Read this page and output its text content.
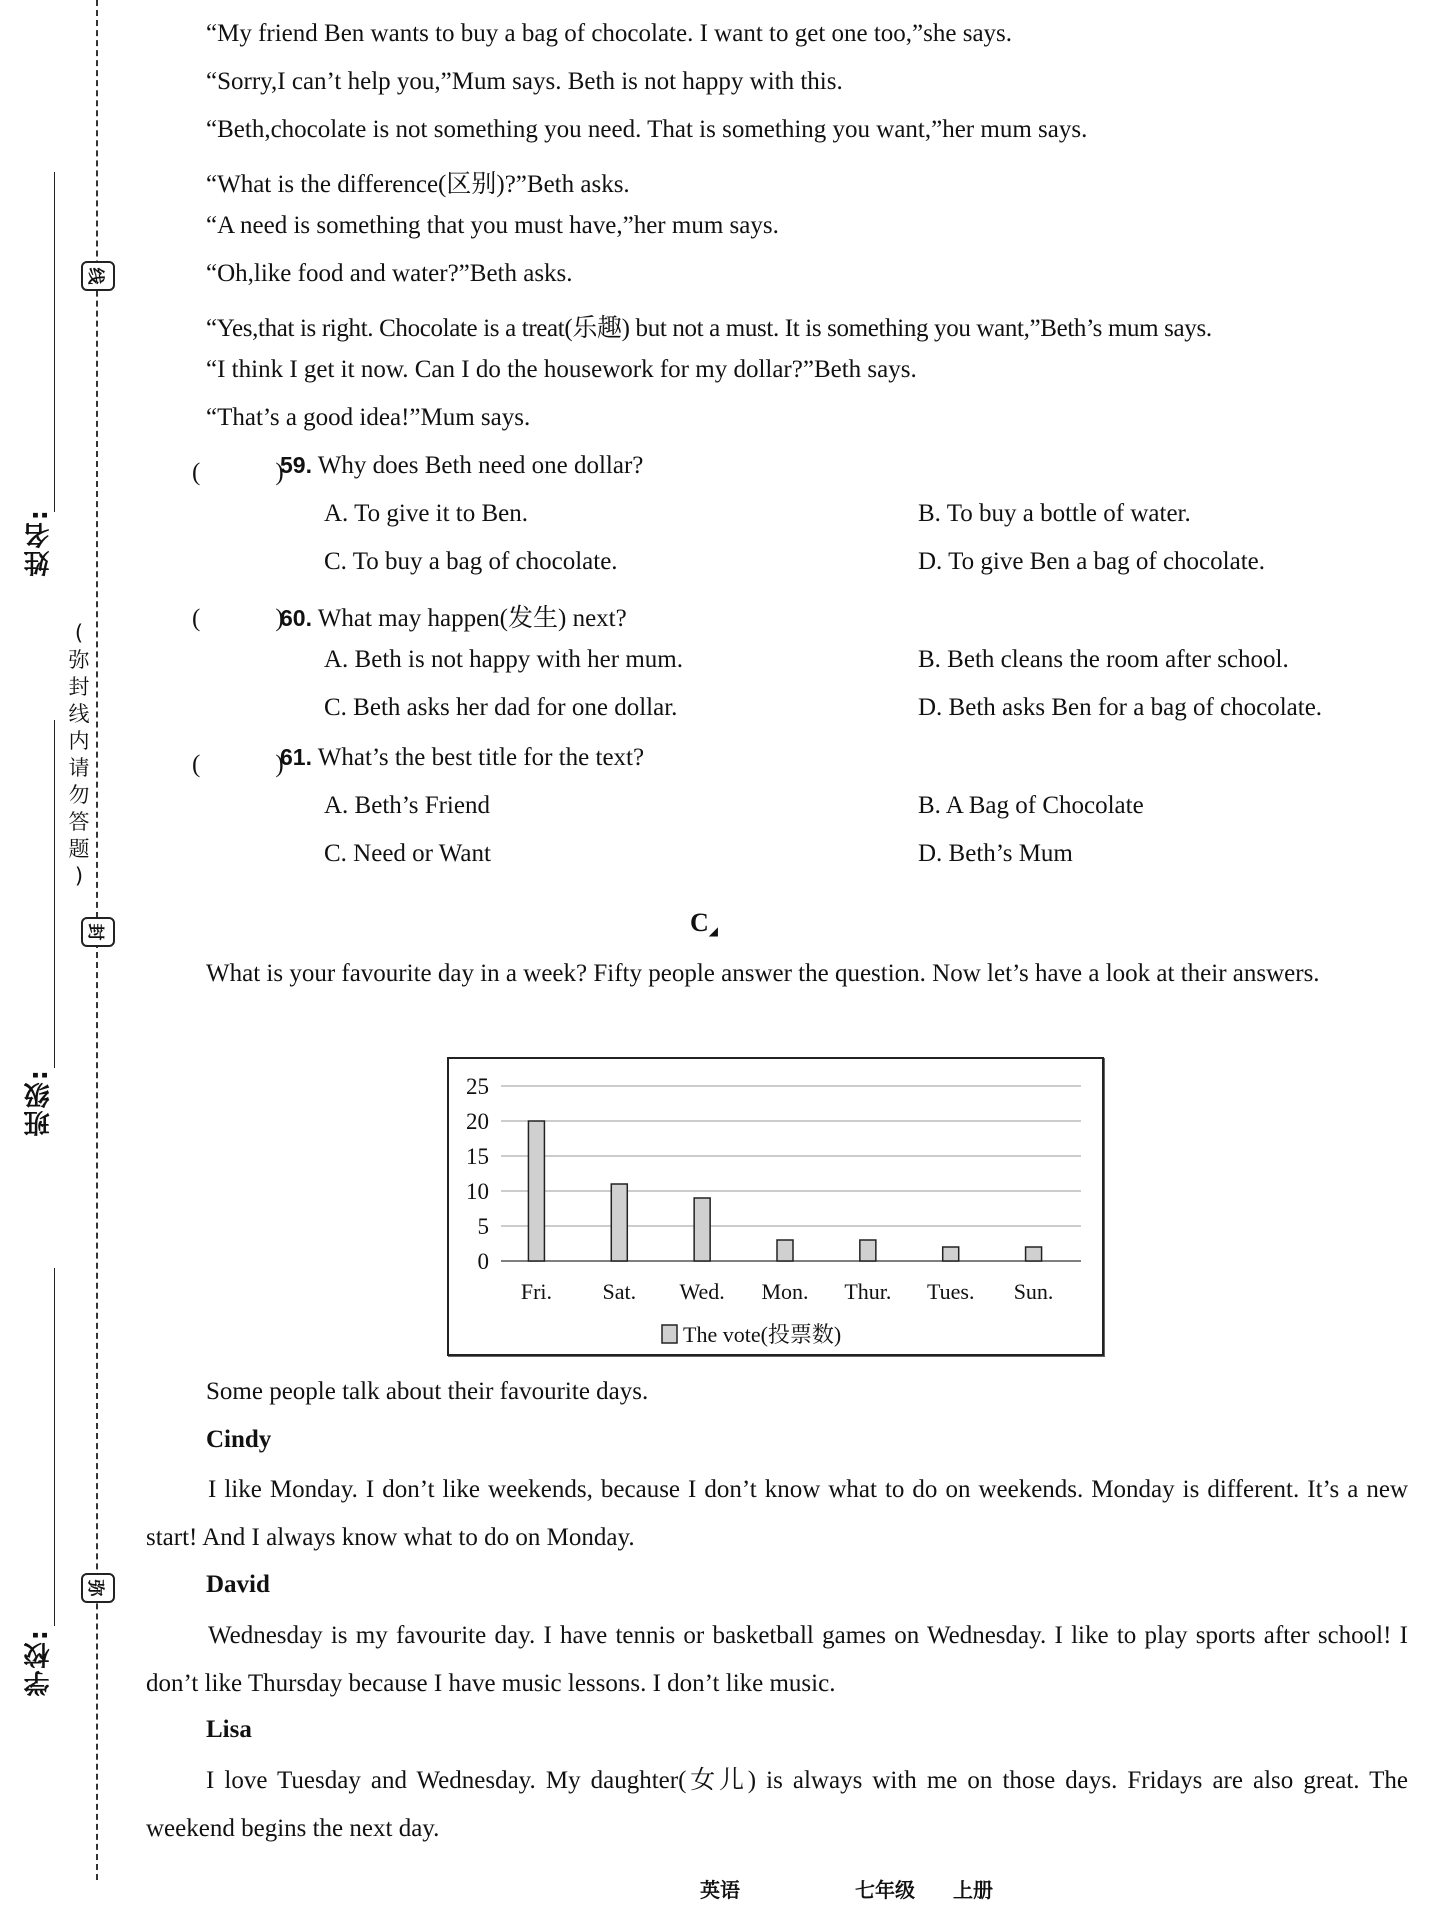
姓名:
班级:
学校:
线
封
弥
(
弥
封
线
内
请
勿
答
题
)
“My friend Ben wants to buy a bag of chocolate. I want to get one too,”she says.
“Sorry,I can’t help you,”Mum says. Beth is not happy with this.
“Beth,chocolate is not something you need. That is something you want,”her mum says.
“What is the difference(区别)?”Beth asks.
“A need is something that you must have,”her mum says.
“Oh,like food and water?”Beth asks.
“Yes,that is right. Chocolate is a treat(乐趣) but not a must. It is something you want,”Beth’s mum says.
“I think I get it now. Can I do the housework for my dollar?”Beth says.
“That’s a good idea!”Mum says.
(　　　)
59. Why does Beth need one dollar?
A. To give it to Ben.	B. To buy a bottle of water.
C. To buy a bag of chocolate.	D. To give Ben a bag of chocolate.
(　　　)
60. What may happen(发生) next?
A. Beth is not happy with her mum.	B. Beth cleans the room after school.
C. Beth asks her dad for one dollar.	D. Beth asks Ben for a bag of chocolate.
(　　　)
61. What’s the best title for the text?
A. Beth’s Friend	B. A Bag of Chocolate
C. Need or Want	D. Beth’s Mum
C◢
What is your favourite day in a week? Fifty people answer the question. Now let’s have a look at their answers.
Some people talk about their favourite days.
Cindy
I like Monday. I don’t like weekends, because I don’t know what to do on weekends. Monday is different. It’s a new start! And I always know what to do on Monday.
David
Wednesday is my favourite day. I have tennis or basketball games on Wednesday. I like to play sports after school! I don’t like Thursday because I have music lessons. I don’t like music.
Lisa
I love Tuesday and Wednesday. My daughter(女儿) is always with me on those days. Fridays are also great. The weekend begins the next day.
0
5
10
15
20
25
Fri. Sat. Wed. Mon. Thur. Tues. Sun.
The vote(投票数)
英语	七年级 上册
